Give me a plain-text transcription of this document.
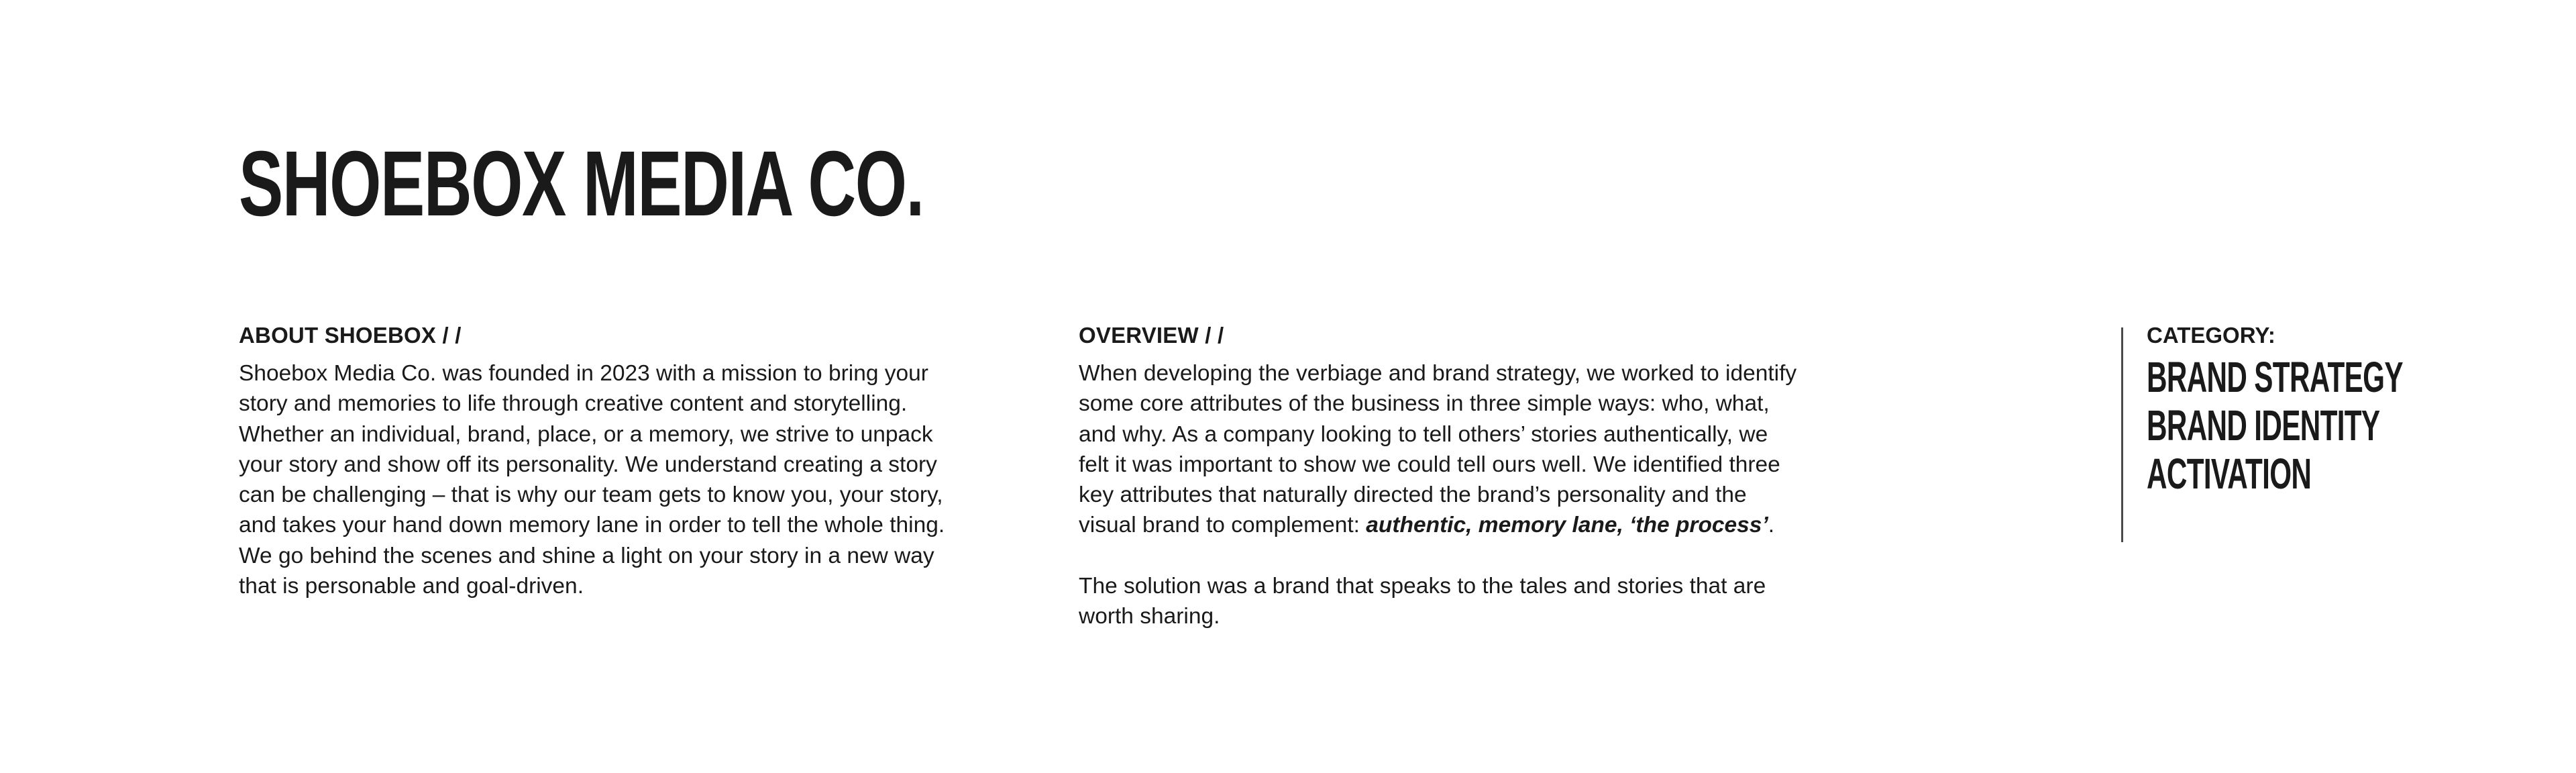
SHOEBOX MEDIA CO.
ABOUT SHOEBOX / /

Shoebox Media Co. was founded in 2023 with a mission to bring your
story and memories to life through creative content and storytelling.
Whether an individual, brand, place, or a memory, we strive to unpack
your story and show off its personality. We understand creating a story
can be challenging – that is why our team gets to know you, your story,
and takes your hand down memory lane in order to tell the whole thing.
We go behind the scenes and shine a light on your story in a new way
that is personable and goal-driven.

OVERVIEW / /

When developing the verbiage and brand strategy, we worked to identify
some core attributes of the business in three simple ways: who, what,
and why. As a company looking to tell others’ stories authentically, we
felt it was important to show we could tell ours well. We identified three
key attributes that naturally directed the brand’s personality and the
visual brand to complement: authentic, memory lane, ‘the process’.

The solution was a brand that speaks to the tales and stories that are
worth sharing.

CATEGORY:
BRAND STRATEGY
BRAND IDENTITY
ACTIVATION
